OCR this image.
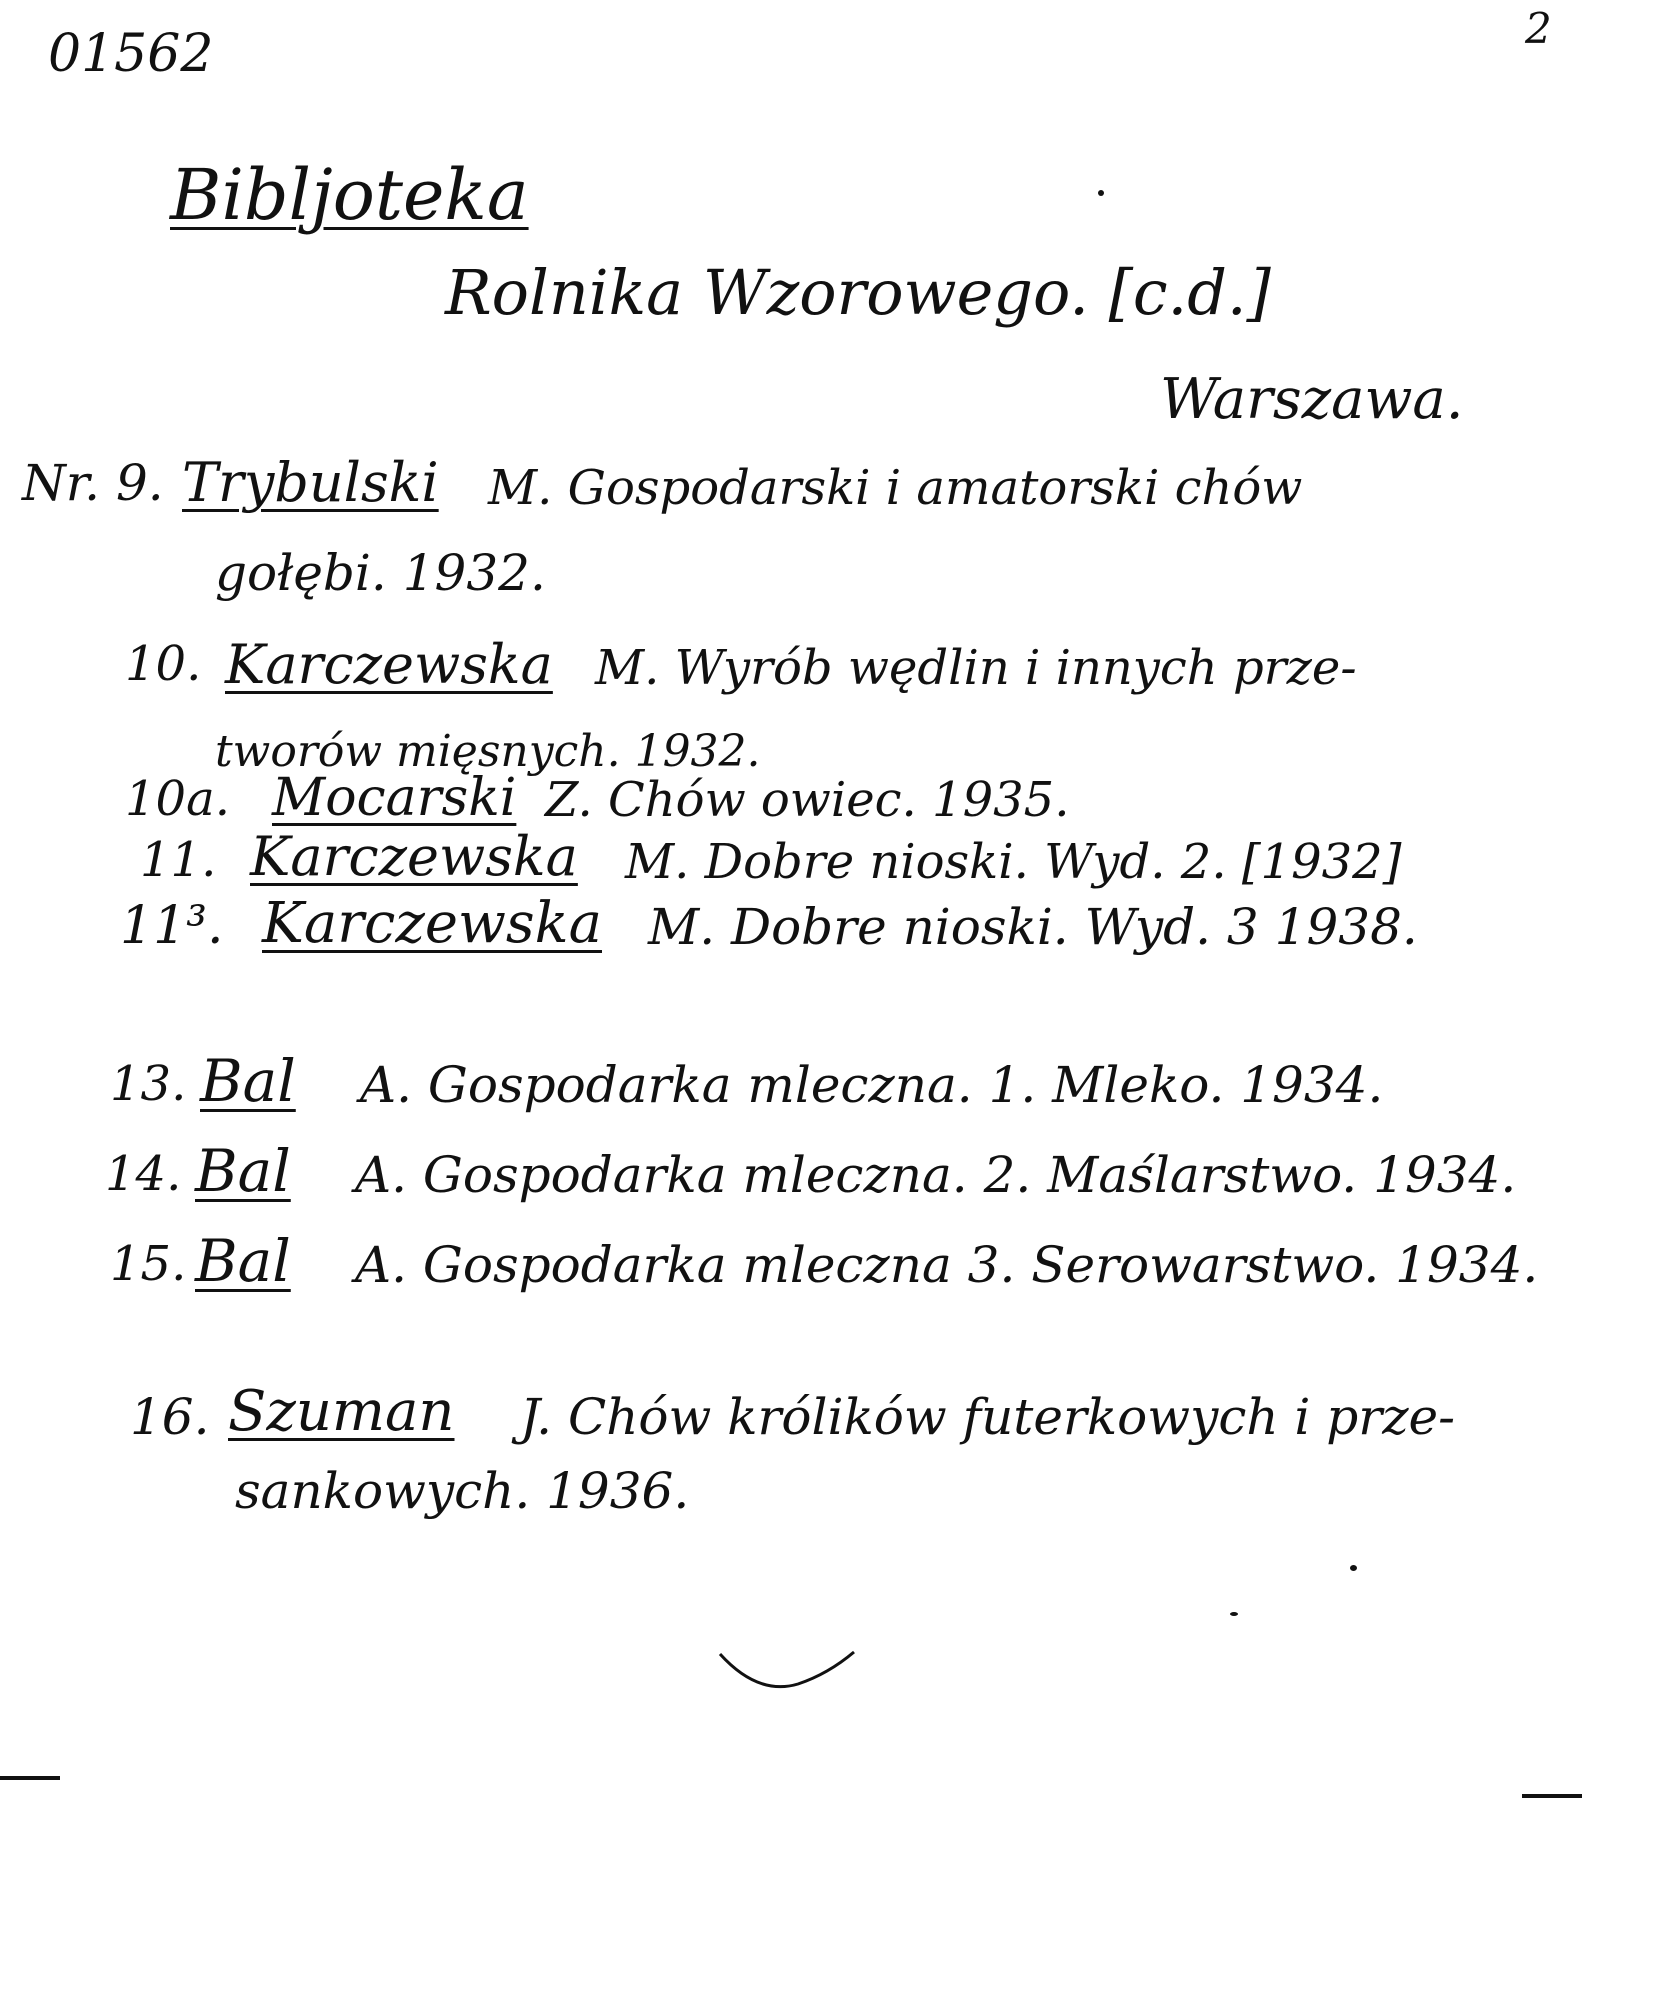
01562	2
Bibljoteka
Rolnika Wzorowego. [c.d.]
Warszawa.
Nr. 9. Trybulski M. Gospodarski i amatorski chów
gołębi. 1932.
10. Karczewska M. Wyrób wędlin i innych prze-
tworów mięsnych. 1932.
10a. Mocarski Z. Chów owiec. 1935.
11. Karczewska M. Dobre nioski. Wyd. 2. [1932]
11³. Karczewska M. Dobre nioski. Wyd. 3 1938.
13. Bal A. Gospodarka mleczna. 1. Mleko. 1934.
14. Bal A. Gospodarka mleczna. 2. Maślarstwo. 1934.
15. Bal A. Gospodarka mleczna 3. Serowarstwo. 1934.
16. Szuman J. Chów królików futerkowych i prze-
sankowych. 1936.
